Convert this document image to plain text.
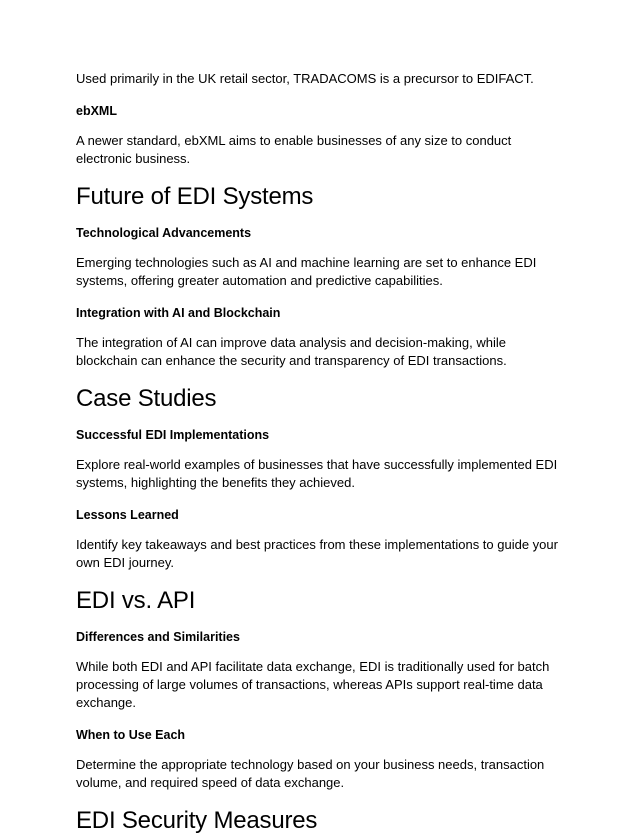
Used primarily in the UK retail sector, TRADACOMS is a precursor to EDIFACT.

ebXML

A newer standard, ebXML aims to enable businesses of any size to conduct electronic business.

Future of EDI Systems
Technological Advancements

Emerging technologies such as AI and machine learning are set to enhance EDI systems, offering greater automation and predictive capabilities.

Integration with AI and Blockchain

The integration of AI can improve data analysis and decision-making, while blockchain can enhance the security and transparency of EDI transactions.

Case Studies
Successful EDI Implementations

Explore real-world examples of businesses that have successfully implemented EDI systems, highlighting the benefits they achieved.

Lessons Learned

Identify key takeaways and best practices from these implementations to guide your own EDI journey.

EDI vs. API
Differences and Similarities

While both EDI and API facilitate data exchange, EDI is traditionally used for batch processing of large volumes of transactions, whereas APIs support real-time data exchange.

When to Use Each

Determine the appropriate technology based on your business needs, transaction volume, and required speed of data exchange.

EDI Security Measures
